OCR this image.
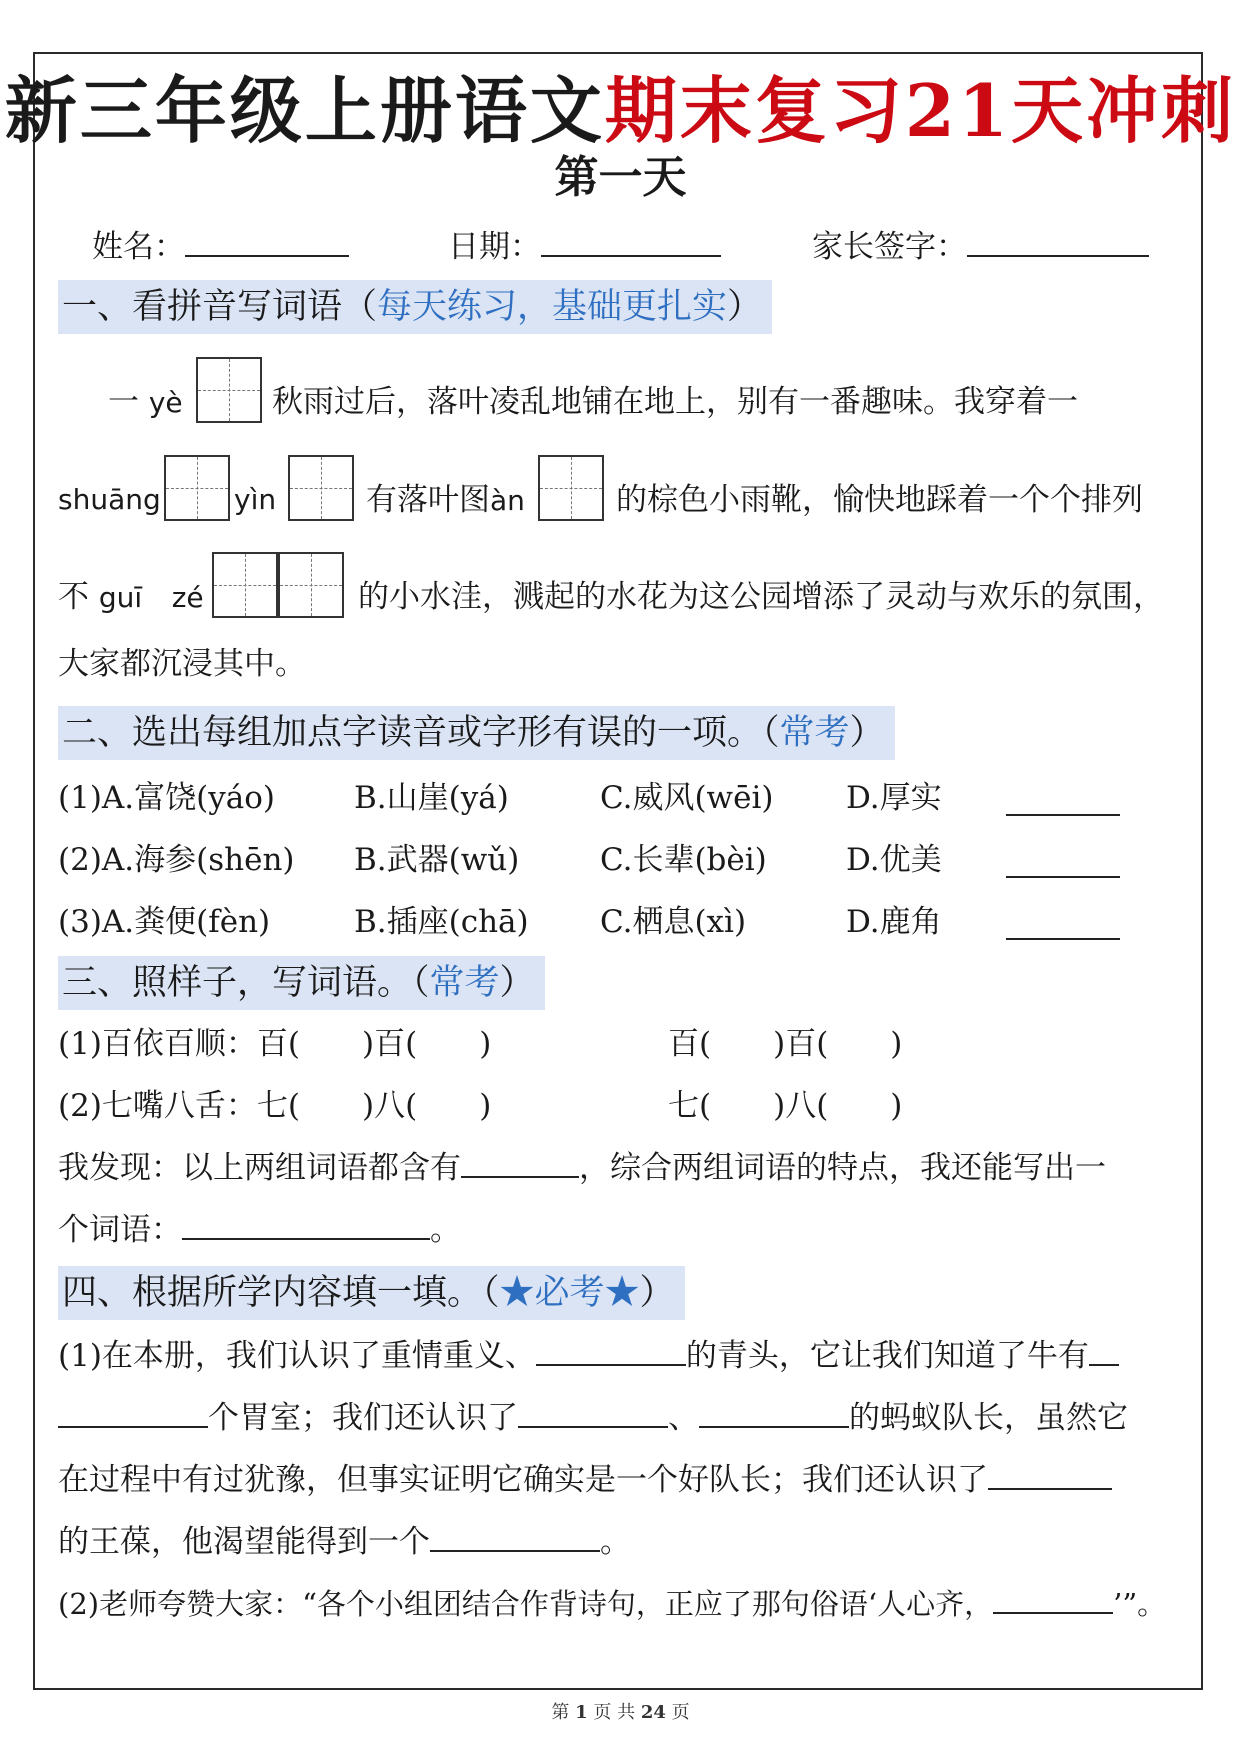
新三年级上册语文期末复习21天冲刺
第一天
姓名：	日期：	家长签字：
一、看拼音写词语（每天练习，基础更扎实）
一 yè	秋雨过后，落叶凌乱地铺在地上，别有一番趣味。我穿着一
shuāng	yìn	有落叶图àn	的棕色小雨靴，愉快地踩着一个个排列
不 guī zé	的小水洼，溅起的水花为这公园增添了灵动与欢乐的氛围，
大家都沉浸其中。
二、选出每组加点字读音或字形有误的一项。（常考）
(1)A.富饶(yáo)	B.山崖(yá)	C.威风(wēi) D.厚实
(2)A.海参(shēn) B.武器(wǔ)	C.长辈(bèi)	D.优美
(3)A.粪便(fèn)	B.插座(chā) C.栖息(xì)	D.鹿角
三、照样子，写词语。（常考）
(1)百依百顺：百(　　)百(　　)	百(　　)百(　　)
(2)七嘴八舌：七(　　)八(　　)	七(　　)八(　　)
我发现：以上两组词语都含有	，综合两组词语的特点，我还能写出一
个词语：	。
四、根据所学内容填一填。（★必考★）
(1)在本册，我们认识了重情重义、	的青头，它让我们知道了牛有
个胃室；我们还认识了	、	的蚂蚁队长，虽然它
在过程中有过犹豫，但事实证明它确实是一个好队长；我们还认识了
的王葆，他渴望能得到一个	。
(2)老师夸赞大家：“各个小组团结合作背诗句，正应了那句俗语‘人心齐，	’”。
第 1 页 共 24 页
